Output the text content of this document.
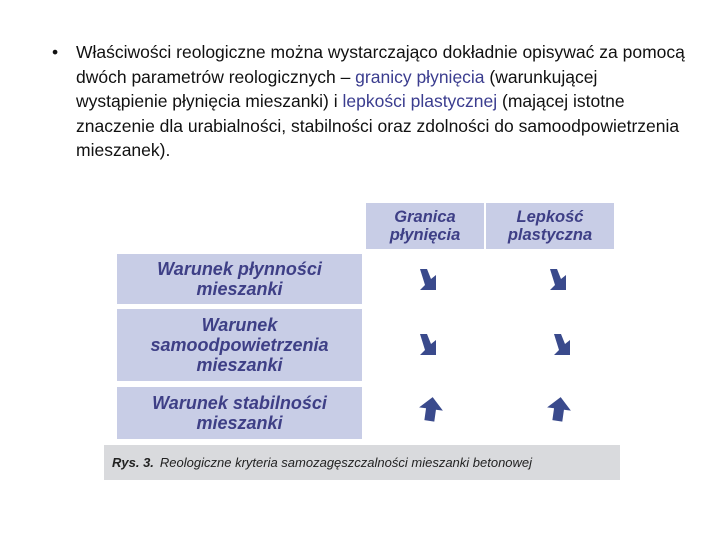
• Właściwości reologiczne można wystarczająco dokładnie opisywać za pomocą dwóch parametrów reologicznych – granicy płynięcia (warunkującej wystąpienie płynięcia mieszanki) i lepkości plastycznej (mającej istotne znaczenie dla urabialności, stabilności oraz zdolności do samoodpowietrzenia mieszanek).
Granica płynięcia
Lepkość plastyczna
Warunek płynności mieszanki
Warunek samoodpowietrzenia mieszanki
Warunek stabilności mieszanki
Rys. 3. Reologiczne kryteria samozagęszczalności mieszanki betonowej
